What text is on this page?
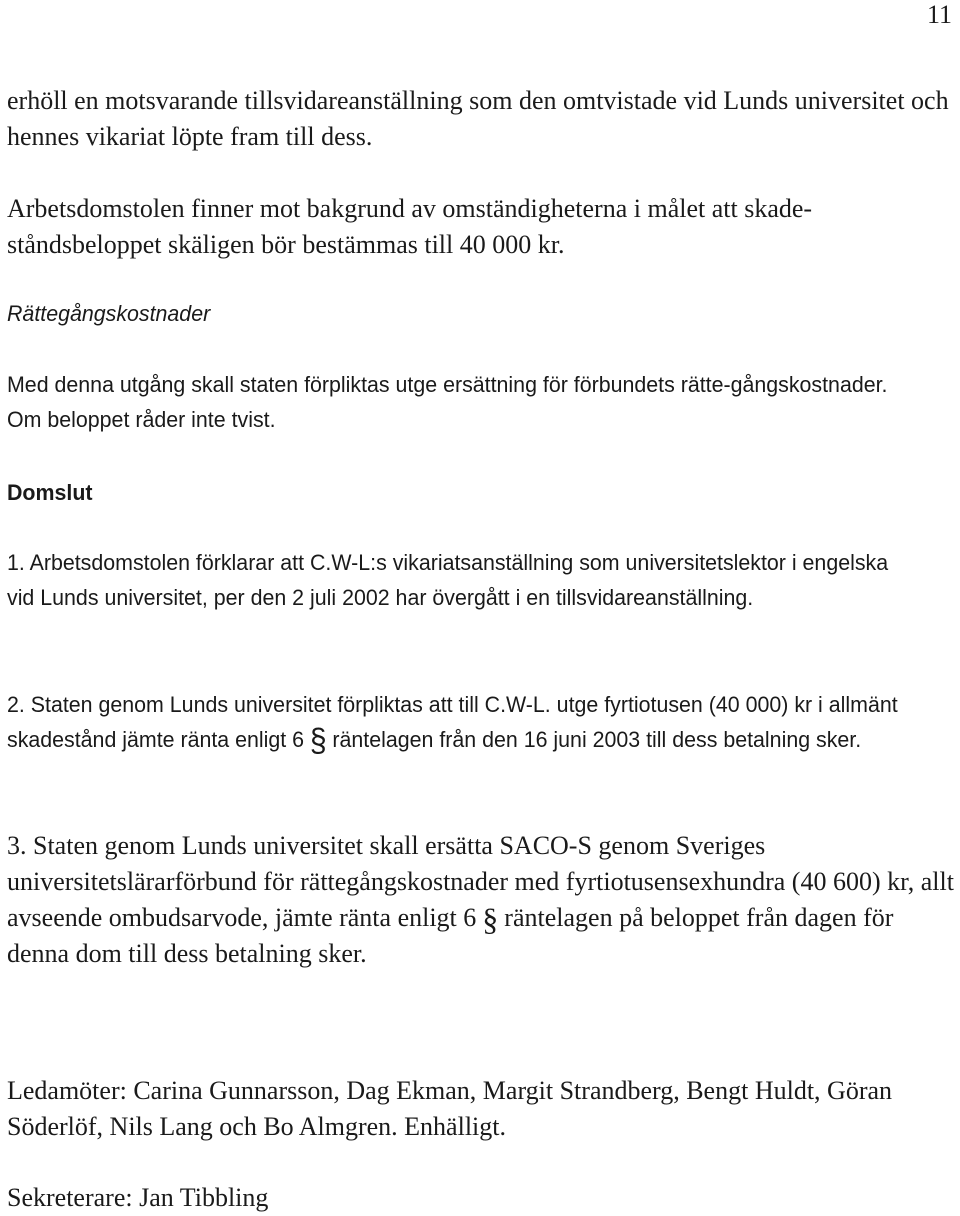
11

erhöll en motsvarande tillsvidareanställning som den omtvistade vid Lunds universitet och hennes vikariat löpte fram till dess.

Arbetsdomstolen finner mot bakgrund av omständigheterna i målet att skade-ståndsbeloppet skäligen bör bestämmas till 40 000 kr.

Rättegångskostnader

Med denna utgång skall staten förpliktas utge ersättning för förbundets rätte-gångskostnader. Om beloppet råder inte tvist.

Domslut

1. Arbetsdomstolen förklarar att C.W-L:s vikariatsanställning som universitetslektor i engelska vid Lunds universitet, per den 2 juli 2002 har övergått i en tillsvidareanställning.

2. Staten genom Lunds universitet förpliktas att till C.W-L. utge fyrtiotusen (40 000) kr i allmänt skadestånd jämte ränta enligt 6 § räntelagen från den 16 juni 2003 till dess betalning sker.

3. Staten genom Lunds universitet skall ersätta SACO-S genom Sveriges universitetslärarförbund för rättegångskostnader med fyrtiotusensexhundra (40 600) kr, allt avseende ombudsarvode, jämte ränta enligt 6 § räntelagen på beloppet från dagen för denna dom till dess betalning sker.

Ledamöter: Carina Gunnarsson, Dag Ekman, Margit Strandberg, Bengt Huldt, Göran Söderlöf, Nils Lang och Bo Almgren. Enhälligt.

Sekreterare: Jan Tibbling
